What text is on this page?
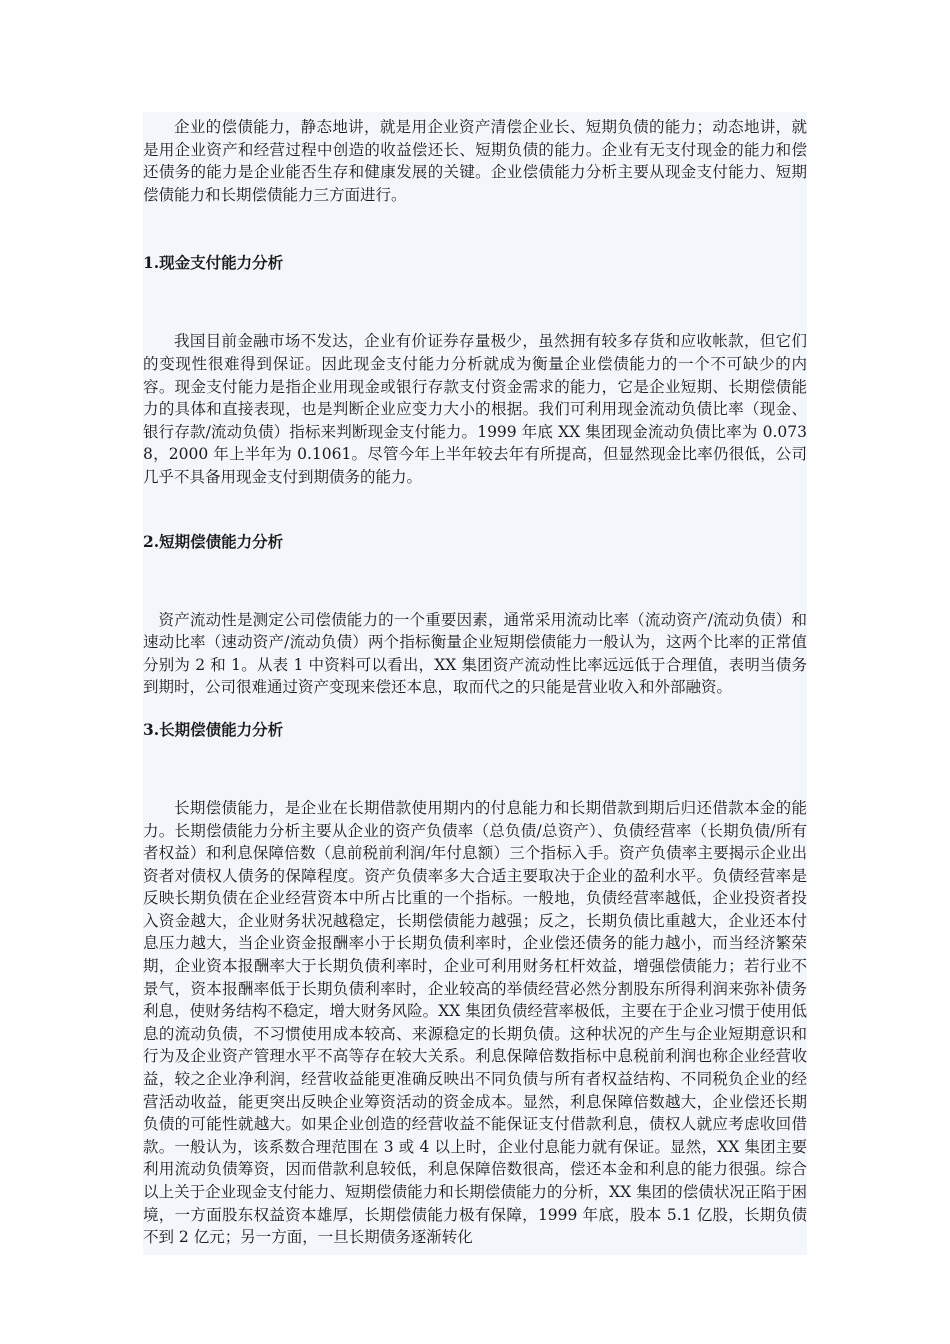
企业的偿债能力，静态地讲，就是用企业资产清偿企业长、短期负债的能力；动态地讲，就是用企业资产和经营过程中创造的收益偿还长、短期负债的能力。企业有无支付现金的能力和偿还债务的能力是企业能否生存和健康发展的关键。企业偿债能力分析主要从现金支付能力、短期偿债能力和长期偿债能力三方面进行。

1.现金支付能力分析

我国目前金融市场不发达，企业有价证券存量极少，虽然拥有较多存货和应收帐款，但它们的变现性很难得到保证。因此现金支付能力分析就成为衡量企业偿债能力的一个不可缺少的内容。现金支付能力是指企业用现金或银行存款支付资金需求的能力，它是企业短期、长期偿债能力的具体和直接表现，也是判断企业应变力大小的根据。我们可利用现金流动负债比率（现金、银行存款/流动负债）指标来判断现金支付能力。1999 年底 XX 集团现金流动负债比率为 0.0738，2000 年上半年为 0.1061。尽管今年上半年较去年有所提高，但显然现金比率仍很低，公司几乎不具备用现金支付到期债务的能力。

2.短期偿债能力分析

资产流动性是测定公司偿债能力的一个重要因素，通常采用流动比率（流动资产/流动负债）和速动比率（速动资产/流动负债）两个指标衡量企业短期偿债能力一般认为，这两个比率的正常值分别为 2 和 1。从表 1 中资料可以看出，XX 集团资产流动性比率远远低于合理值，表明当债务到期时，公司很难通过资产变现来偿还本息，取而代之的只能是营业收入和外部融资。

3.长期偿债能力分析

长期偿债能力，是企业在长期借款使用期内的付息能力和长期借款到期后归还借款本金的能力。长期偿债能力分析主要从企业的资产负债率（总负债/总资产）、负债经营率（长期负债/所有者权益）和利息保障倍数（息前税前利润/年付息额）三个指标入手。资产负债率主要揭示企业出资者对债权人债务的保障程度。资产负债率多大合适主要取决于企业的盈利水平。负债经营率是反映长期负债在企业经营资本中所占比重的一个指标。一般地，负债经营率越低，企业投资者投入资金越大，企业财务状况越稳定，长期偿债能力越强；反之，长期负债比重越大，企业还本付息压力越大，当企业资金报酬率小于长期负债利率时，企业偿还债务的能力越小，而当经济繁荣期，企业资本报酬率大于长期负债利率时，企业可利用财务杠杆效益，增强偿债能力；若行业不景气，资本报酬率低于长期负债利率时，企业较高的举债经营必然分割股东所得利润来弥补债务利息，使财务结构不稳定，增大财务风险。XX 集团负债经营率极低，主要在于企业习惯于使用低息的流动负债，不习惯使用成本较高、来源稳定的长期负债。这种状况的产生与企业短期意识和行为及企业资产管理水平不高等存在较大关系。利息保障倍数指标中息税前利润也称企业经营收益，较之企业净利润，经营收益能更准确反映出不同负债与所有者权益结构、不同税负企业的经营活动收益，能更突出反映企业筹资活动的资金成本。显然，利息保障倍数越大，企业偿还长期负债的可能性就越大。如果企业创造的经营收益不能保证支付借款利息，债权人就应考虑收回借款。一般认为，该系数合理范围在 3 或 4 以上时，企业付息能力就有保证。显然，XX 集团主要利用流动负债筹资，因而借款利息较低，利息保障倍数很高，偿还本金和利息的能力很强。综合以上关于企业现金支付能力、短期偿债能力和长期偿债能力的分析，XX 集团的偿债状况正陷于困境，一方面股东权益资本雄厚，长期偿债能力极有保障，1999 年底，股本 5.1 亿股，长期负债不到 2 亿元；另一方面，一旦长期债务逐渐转化
